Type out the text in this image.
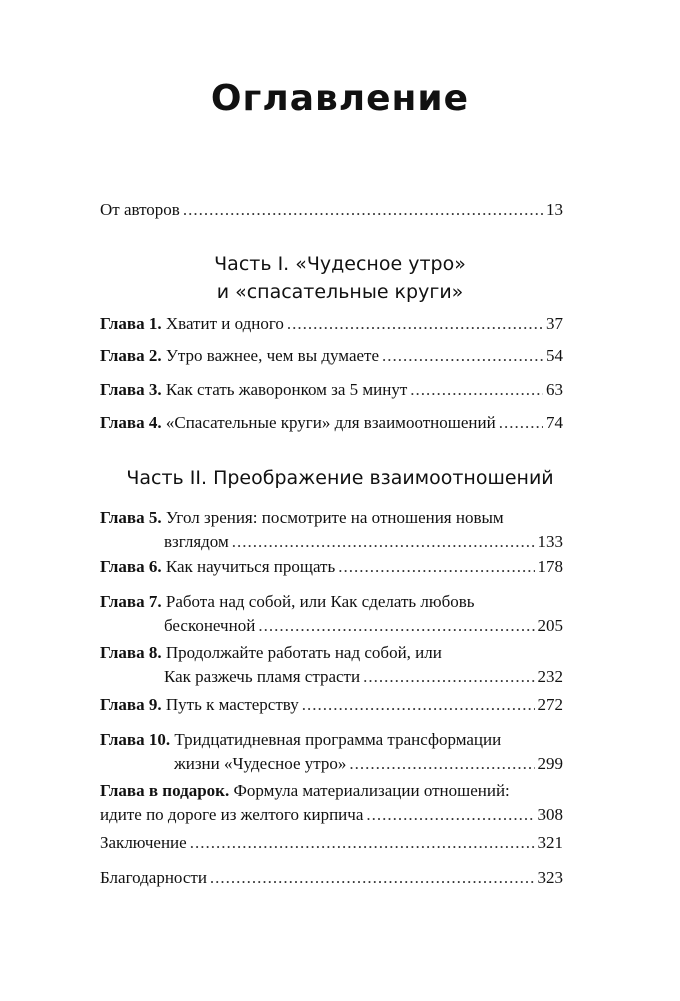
Оглавление
От авторов .....	13
Часть I. «Чудесное утро»
и «спасательные круги»
Глава 1. Хватит и одного .....	37
Глава 2. Утро важнее, чем вы думаете .....	54
Глава 3. Как стать жаворонком за 5 минут .....	63
Глава 4. «Спасательные круги» для взаимоотношений .....	74
Часть II. Преображение взаимоотношений
Глава 5. Угол зрения: посмотрите на отношения новым
взглядом .....	133
Глава 6. Как научиться прощать .....	178
Глава 7. Работа над собой, или Как сделать любовь
бесконечной .....	205
Глава 8. Продолжайте работать над собой, или
Как разжечь пламя страсти .....	232
Глава 9. Путь к мастерству .....	272
Глава 10. Тридцатидневная программа трансформации
жизни «Чудесное утро» .....	299
Глава в подарок. Формула материализации отношений:
идите по дороге из желтого кирпича .....	308
Заключение .....	321
Благодарности .....	323
